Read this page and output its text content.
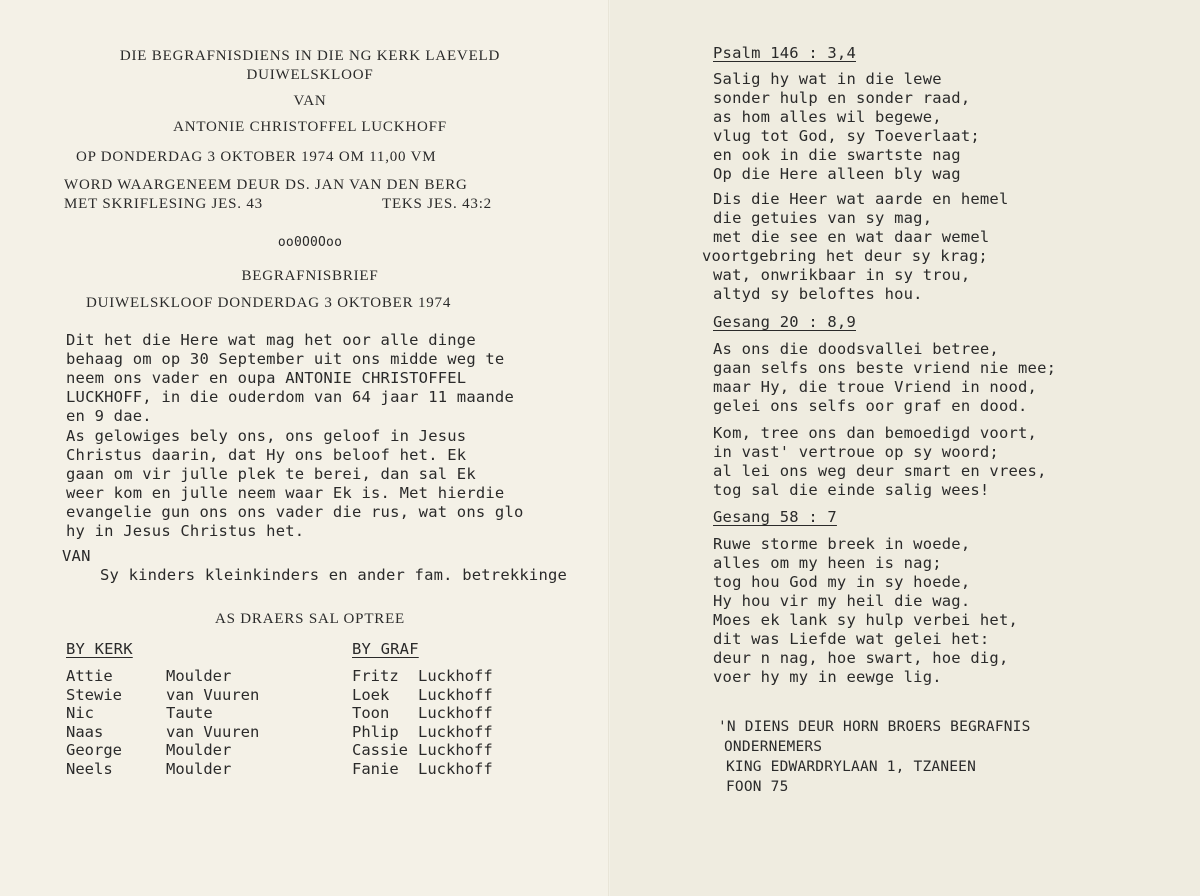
DIE BEGRAFNISDIENS IN DIE NG KERK LAEVELD
DUIWELSKLOOF
VAN
ANTONIE CHRISTOFFEL LUCKHOFF
OP DONDERDAG 3 OKTOBER 1974 OM 11,00 VM
WORD WAARGENEEM DEUR DS. JAN VAN DEN BERG
MET SKRIFLESING JES. 43	TEKS JES. 43:2
oo0O0Ooo
BEGRAFNISBRIEF
DUIWELSKLOOF DONDERDAG 3 OKTOBER 1974
Dit het die Here wat mag het oor alle dinge
behaag om op 30 September uit ons midde weg te
neem ons vader en oupa ANTONIE CHRISTOFFEL
LUCKHOFF, in die ouderdom van 64 jaar 11 maande
en 9 dae.
As gelowiges bely ons, ons geloof in Jesus
Christus daarin, dat Hy ons beloof het. Ek
gaan om vir julle plek te berei, dan sal Ek
weer kom en julle neem waar Ek is. Met hierdie
evangelie gun ons ons vader die rus, wat ons glo
hy in Jesus Christus het.
VAN
Sy kinders kleinkinders en ander fam. betrekkinge
AS DRAERS SAL OPTREE
BY KERK	BY GRAF
Attie
Stewie
Nic
Naas
George
Neels
Moulder
van Vuuren
Taute
van Vuuren
Moulder
Moulder
Fritz
Loek
Toon
Phlip
Cassie
Fanie
Luckhoff
Luckhoff
Luckhoff
Luckhoff
Luckhoff
Luckhoff
Psalm 146 : 3,4
Salig hy wat in die lewe
sonder hulp en sonder raad,
as hom alles wil begewe,
vlug tot God, sy Toeverlaat;
en ook in die swartste nag
Op die Here alleen bly wag
Dis die Heer wat aarde en hemel
die getuies van sy mag,
met die see en wat daar wemel
voortgebring het deur sy krag;
wat, onwrikbaar in sy trou,
altyd sy beloftes hou.
Gesang 20 : 8,9
As ons die doodsvallei betree,
gaan selfs ons beste vriend nie mee;
maar Hy, die troue Vriend in nood,
gelei ons selfs oor graf en dood.
Kom, tree ons dan bemoedigd voort,
in vast' vertroue op sy woord;
al lei ons weg deur smart en vrees,
tog sal die einde salig wees!
Gesang 58 : 7
Ruwe storme breek in woede,
alles om my heen is nag;
tog hou God my in sy hoede,
Hy hou vir my heil die wag.
Moes ek lank sy hulp verbei het,
dit was Liefde wat gelei het:
deur n nag, hoe swart, hoe dig,
voer hy my in eewge lig.
'N DIENS DEUR HORN BROERS BEGRAFNIS
ONDERNEMERS
KING EDWARDRYLAAN 1, TZANEEN
FOON 75
